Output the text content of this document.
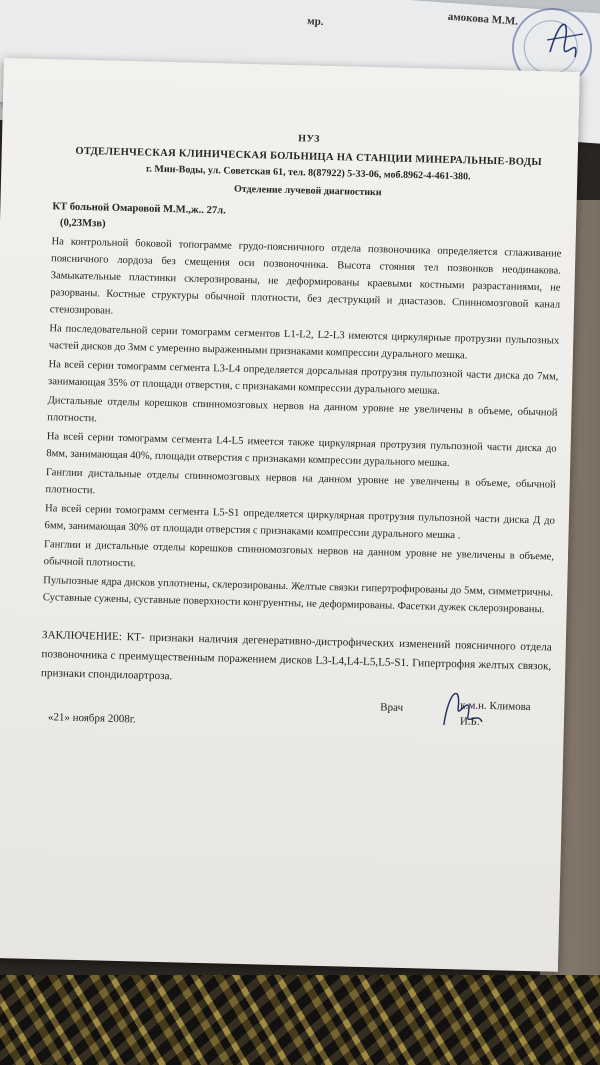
мр.	амокова М.М.
НУЗ
ОТДЕЛЕНЧЕСКАЯ КЛИНИЧЕСКАЯ БОЛЬНИЦА НА СТАНЦИИ МИНЕРАЛЬНЫЕ-ВОДЫ
г. Мин-Воды, ул. Советская 61, тел. 8(87922) 5-33-06, моб.8962-4-461-380.
Отделение лучевой диагностики
КТ больной Омаровой М.М.,ж.. 27л.
(0,23Мзв)

На контрольной боковой топограмме грудо-поясничного отдела позвоночника определяется сглаживание поясничного лордоза без смещения оси позвоночника. Высота стояния тел позвонков неодинакова. Замыкательные пластинки склерозированы, не деформированы краевыми костными разрастаниями, не разорваны. Костные структуры обычной плотности, без деструкций и диастазов. Спинномозговой канал стенозирован.

На последовательной серии томограмм сегментов L1-L2, L2-L3 имеются циркулярные протрузии пульпозных частей дисков до 3мм с умеренно выраженными признаками компрессии дурального мешка.

На всей серии томограмм сегмента L3-L4 определяется дорсальная протрузия пульпозной части диска до 7мм, занимающая 35% от площади отверстия, с признаками компрессии дурального мешка.

Дистальные отделы корешков спинномозговых нервов на данном уровне не увеличены в объеме, обычной плотности.

На всей серии томограмм сегмента L4-L5 имеется также циркулярная протрузия пульпозной части диска до 8мм, занимающая 40%, площади отверстия с признаками компрессии дурального мешка.

Ганглии дистальные отделы спинномозговых нервов на данном уровне не увеличены в объеме, обычной плотности.

На всей серии томограмм сегмента L5-S1 определяется циркулярная протрузия пульпозной части диска Д до 6мм, занимающая 30% от площади отверстия с признаками компрессии дурального мешка .

Ганглии и дистальные отделы корешков спинномозговых нервов на данном уровне не увеличены в объеме, обычной плотности.

Пульпозные ядра дисков уплотнены, склерозированы. Желтые связки гипертрофированы до 5мм, симметричны. Суставные сужены, суставные поверхности конгруентны, не деформированы. Фасетки дужек склерозированы.

ЗАКЛЮЧЕНИЕ: КТ- признаки наличия дегенеративно-дистрофических изменений поясничного отдела позвоночника с преимущественным поражением дисков L3-L4,L4-L5,L5-S1. Гипертрофия желтых связок, признаки спондилоартроза.

Врач	к.м.н. Климова И.Б.
«21» ноября 2008г.
